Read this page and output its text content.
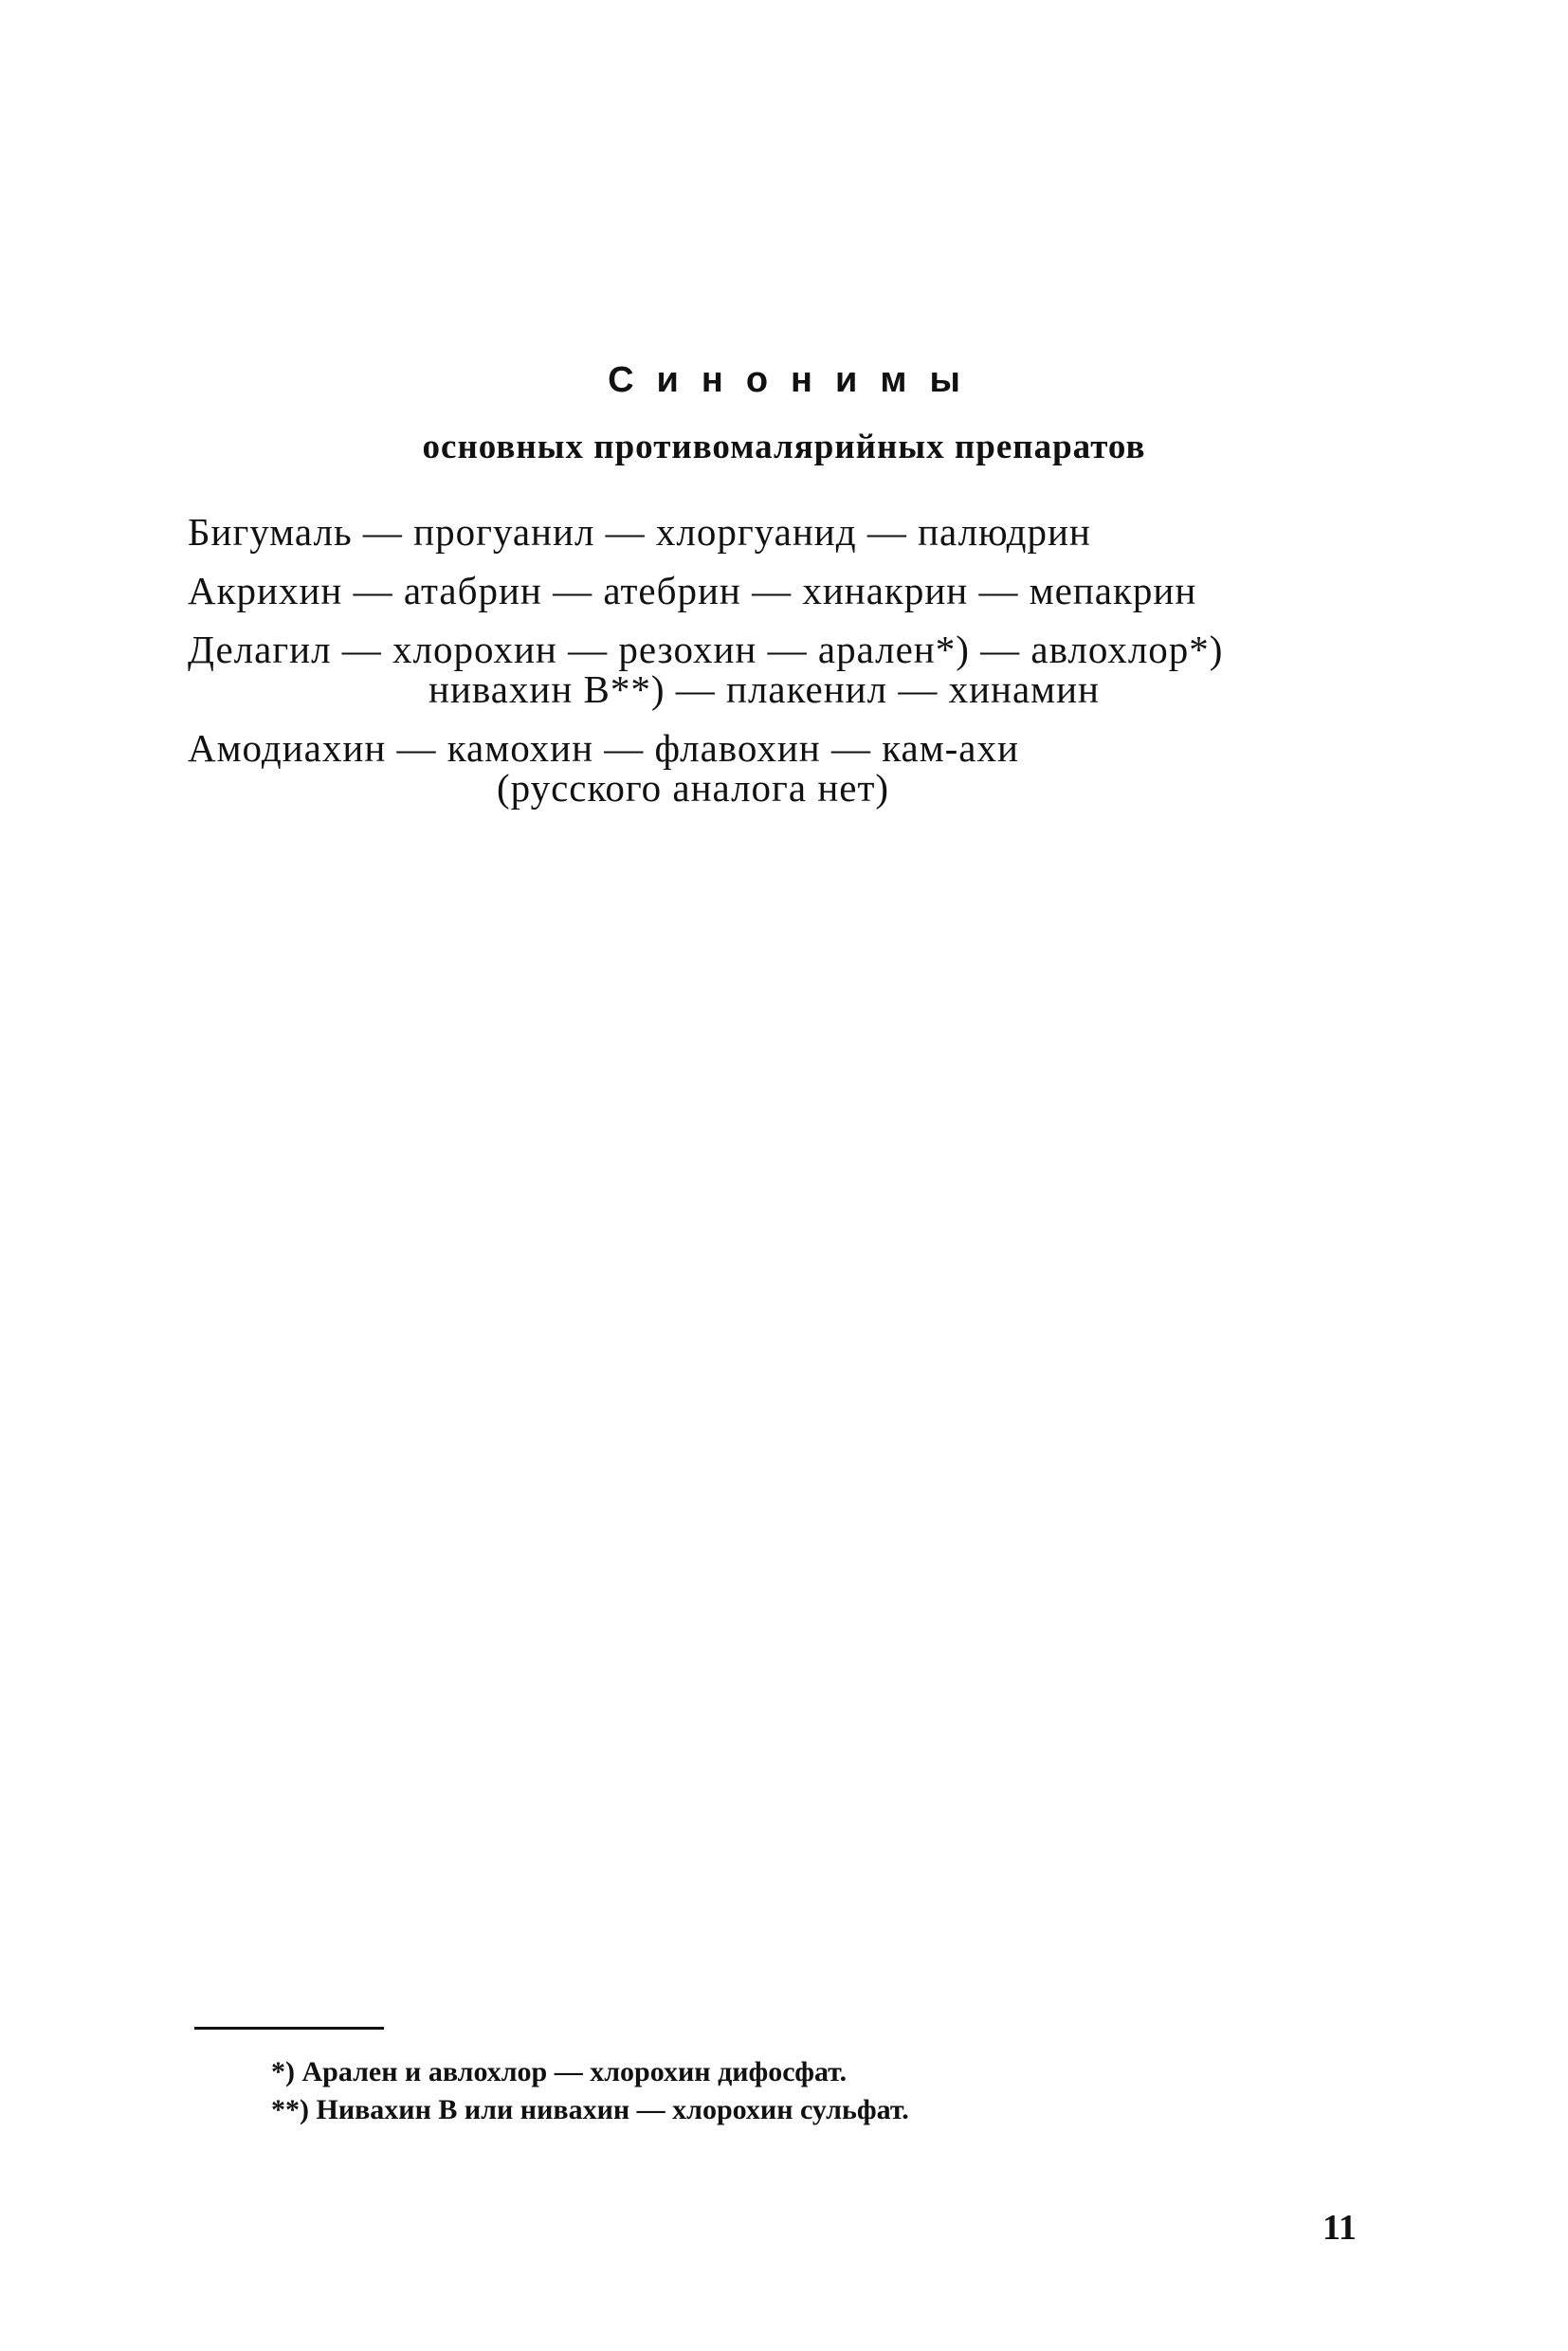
Синонимы
основных противомалярийных препаратов
Бигумаль — прогуанил — хлоргуанид — палюдрин
Акрихин — атабрин — атебрин — хинакрин — мепакрин
Делагил — хлорохин — резохин — арален*) — авлохлор*)
нивахин В**) — плакенил — хинамин
Амодиахин — камохин — флавохин — кам-ахи
(русского аналога нет)
*) Арален и авлохлор — хлорохин дифосфат.
**) Нивахин В или нивахин — хлорохин сульфат.
11
